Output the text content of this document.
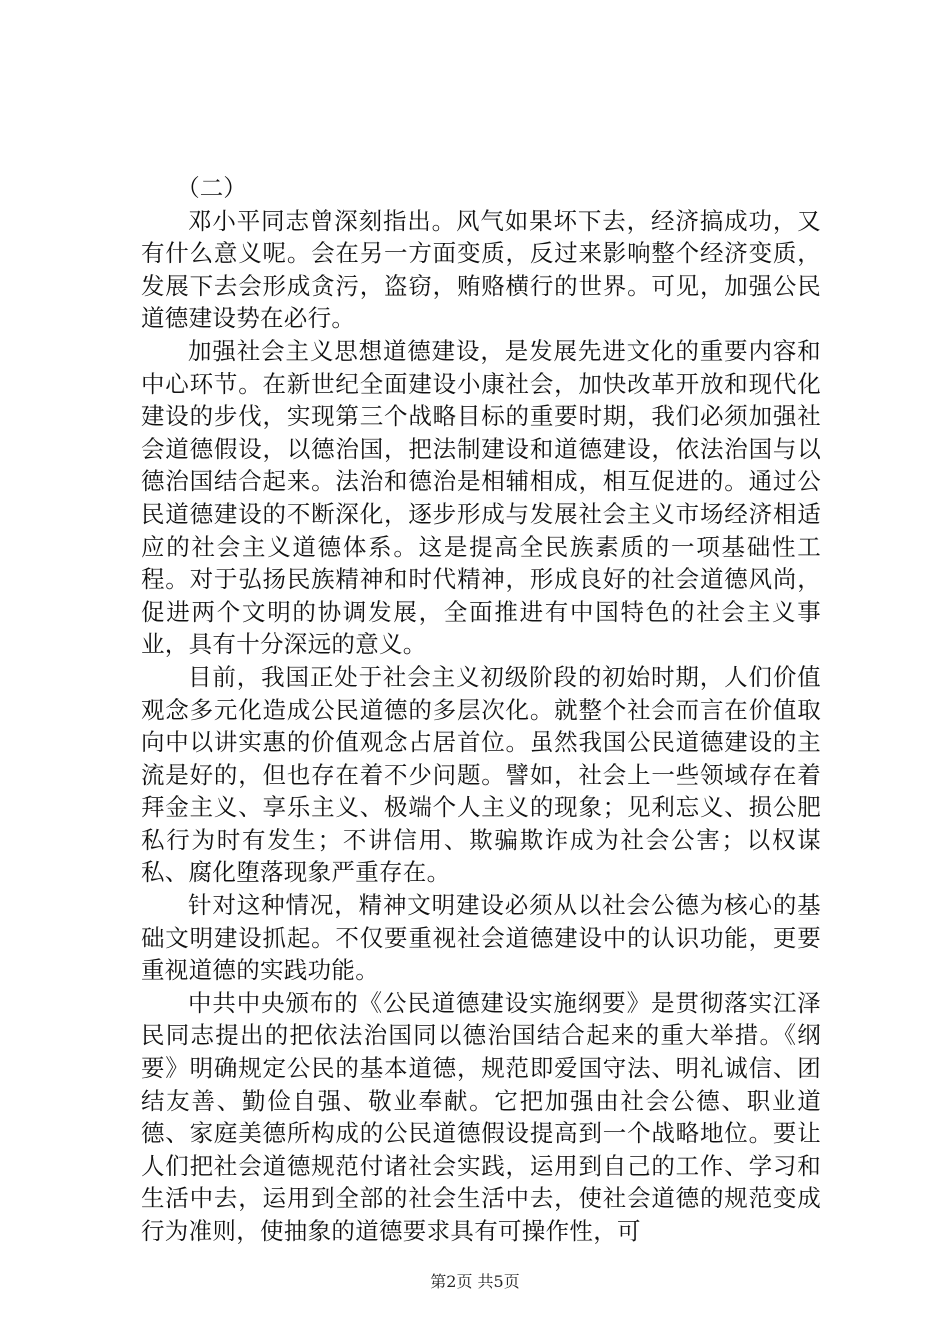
（二）

邓小平同志曾深刻指出。风气如果坏下去，经济搞成功，又有什么意义呢。会在另一方面变质，反过来影响整个经济变质，发展下去会形成贪污，盗窃，贿赂横行的世界。可见，加强公民道德建设势在必行。

加强社会主义思想道德建设，是发展先进文化的重要内容和中心环节。在新世纪全面建设小康社会，加快改革开放和现代化建设的步伐，实现第三个战略目标的重要时期，我们必须加强社会道德假设，以德治国，把法制建设和道德建设，依法治国与以德治国结合起来。法治和德治是相辅相成，相互促进的。通过公民道德建设的不断深化，逐步形成与发展社会主义市场经济相适应的社会主义道德体系。这是提高全民族素质的一项基础性工程。对于弘扬民族精神和时代精神，形成良好的社会道德风尚，促进两个文明的协调发展，全面推进有中国特色的社会主义事业，具有十分深远的意义。

目前，我国正处于社会主义初级阶段的初始时期，人们价值观念多元化造成公民道德的多层次化。就整个社会而言在价值取向中以讲实惠的价值观念占居首位。虽然我国公民道德建设的主流是好的，但也存在着不少问题。譬如，社会上一些领域存在着拜金主义、享乐主义、极端个人主义的现象；见利忘义、损公肥私行为时有发生；不讲信用、欺骗欺诈成为社会公害；以权谋私、腐化堕落现象严重存在。

针对这种情况，精神文明建设必须从以社会公德为核心的基础文明建设抓起。不仅要重视社会道德建设中的认识功能，更要重视道德的实践功能。

中共中央颁布的《公民道德建设实施纲要》是贯彻落实江泽民同志提出的把依法治国同以德治国结合起来的重大举措。《纲要》明确规定公民的基本道德，规范即爱国守法、明礼诚信、团结友善、勤俭自强、敬业奉献。它把加强由社会公德、职业道德、家庭美德所构成的公民道德假设提高到一个战略地位。要让人们把社会道德规范付诸社会实践，运用到自己的工作、学习和生活中去，运用到全部的社会生活中去，使社会道德的规范变成行为准则，使抽象的道德要求具有可操作性，可

第2页 共5页
